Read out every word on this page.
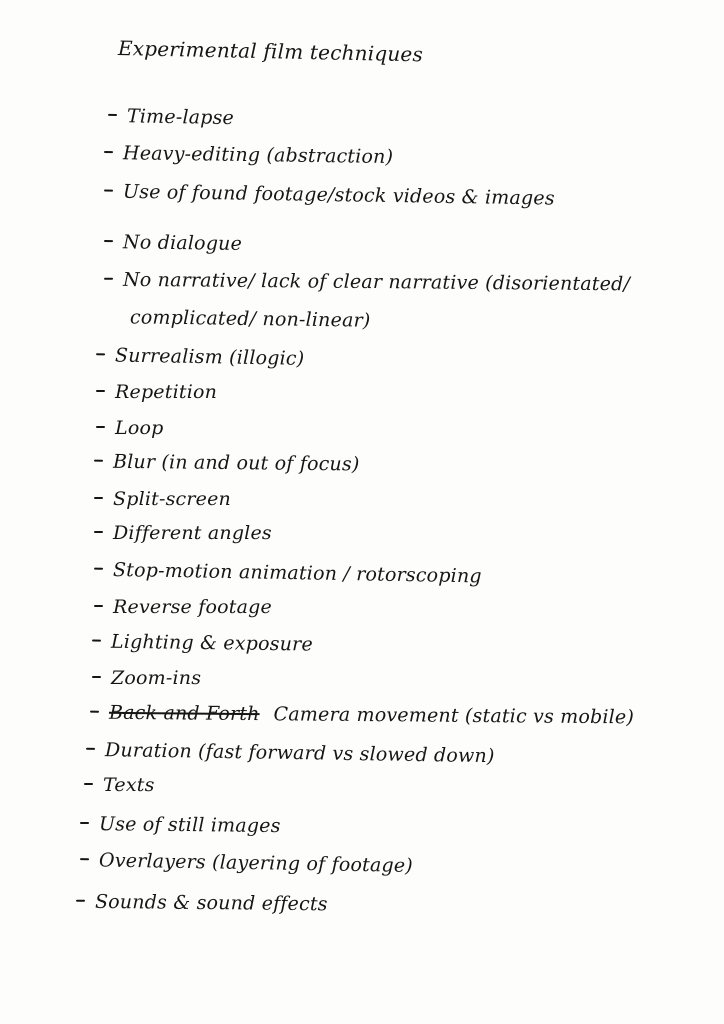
Experimental film techniques
Time-lapse
Heavy-editing (abstraction)
Use of found footage/stock videos & images
No dialogue
No narrative/ lack of clear narrative (disorientated/
complicated/ non-linear)
Surrealism (illogic)
Repetition
Loop
Blur (in and out of focus)
Split-screen
Different angles
Stop-motion animation / rotorscoping
Reverse footage
Lighting & exposure
Zoom-ins
Back and Forth Camera movement (static vs mobile)
Duration (fast forward vs slowed down)
Texts
Use of still images
Overlayers (layering of footage)
Sounds & sound effects
